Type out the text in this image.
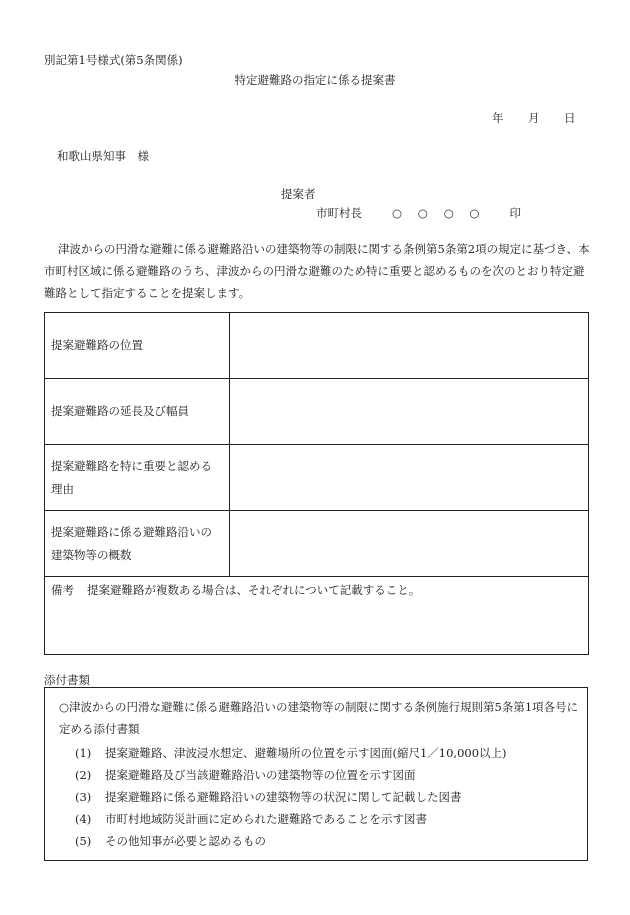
別記第1号様式(第5条関係)
特定避難路の指定に係る提案書
年 月 日
和歌山県知事　様
提案者
市町村長	○ ○ ○ ○ 印
津波からの円滑な避難に係る避難路沿いの建築物等の制限に関する条例第5条第2項の規定に基づき、本市町村区域に係る避難路のうち、津波からの円滑な避難のため特に重要と認めるものを次のとおり特定避難路として指定することを提案します。
提案避難路の位置	
提案避難路の延長及び幅員	
提案避難路を特に重要と認める理由	
提案避難路に係る避難路沿いの建築物等の概数	
備考 提案避難路が複数ある場合は、それぞれについて記載すること。	
添付書類
○津波からの円滑な避難に係る避難路沿いの建築物等の制限に関する条例施行規則第5条第1項各号に定める添付書類
(1) 提案避難路、津波浸水想定、避難場所の位置を示す図面(縮尺1／10,000以上)
(2) 提案避難路及び当該避難路沿いの建築物等の位置を示す図面
(3) 提案避難路に係る避難路沿いの建築物等の状況に関して記載した図書
(4) 市町村地域防災計画に定められた避難路であることを示す図書
(5) その他知事が必要と認めるもの
